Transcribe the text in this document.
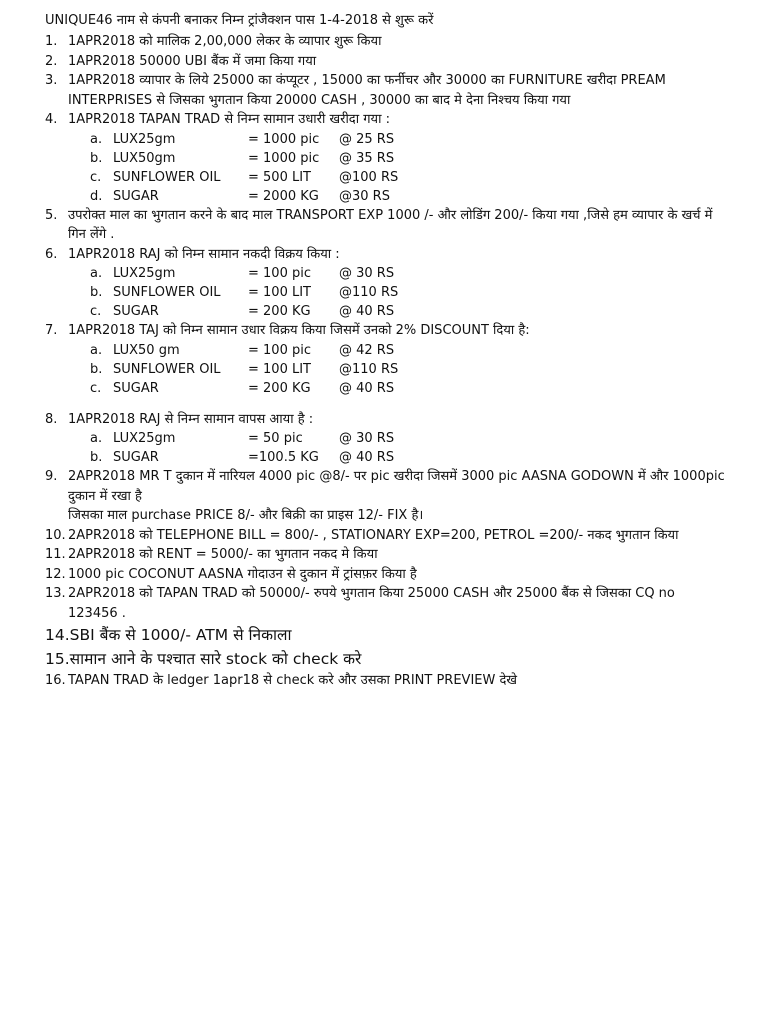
UNIQUE46 नाम से कंपनी बनाकर निम्न ट्रांजैक्शन पास 1-4-2018 से शुरू करें
1. 1APR2018 को मालिक 2,00,000 लेकर के व्यापार शुरू किया
2. 1APR2018 50000 UBI बैंक में जमा किया गया
3. 1APR2018 व्यापार के लिये 25000 का कंप्यूटर , 15000 का फर्नीचर और 30000 का FURNITURE खरीदा PREAM INTERPRISES से जिसका भुगतान किया 20000 CASH , 30000 का बाद मे देना निश्चय किया गया
4. 1APR2018 TAPAN TRAD से निम्न सामान उधारी खरीदा गया :
a. LUX25gm	= 1000 pic @ 25 RS
b. LUX50gm	= 1000 pic @ 35 RS
c. SUNFLOWER OIL = 500 LIT @100 RS
d. SUGAR	= 2000 KG @30 RS
5. उपरोक्त माल का भुगतान करने के बाद माल TRANSPORT EXP 1000 /- और लोडिंग 200/- किया गया ,जिसे हम व्यापार के खर्च में गिन लेंगे .
6. 1APR2018 RAJ को निम्न सामान नकदी विक्रय किया :
a. LUX25gm	= 100 pic @ 30 RS
b. SUNFLOWER OIL = 100 LIT @110 RS
c. SUGAR	= 200 KG @ 40 RS
7. 1APR2018 TAJ को निम्न सामान उधार विक्रय किया जिसमें उनको 2% DISCOUNT दिया है:
a. LUX50 gm	= 100 pic @ 42 RS
b. SUNFLOWER OIL = 100 LIT @110 RS
c. SUGAR	= 200 KG @ 40 RS
8. 1APR2018 RAJ से निम्न सामान वापस आया है :
a. LUX25gm	= 50 pic	@ 30 RS
b. SUGAR	=100.5 KG @ 40 RS
9. 2APR2018 MR T दुकान में नारियल 4000 pic @8/- पर pic खरीदा जिसमें 3000 pic AASNA GODOWN में और 1000pic दुकान में रखा है
जिसका माल purchase PRICE 8/- और बिक्री का प्राइस 12/- FIX है।
10. 2APR2018 को TELEPHONE BILL = 800/- , STATIONARY EXP=200, PETROL =200/- नकद भुगतान किया
11. 2APR2018 को RENT = 5000/- का भुगतान नकद मे किया
12. 1000 pic COCONUT AASNA गोदाउन से दुकान में ट्रांसफ़र किया है
13. 2APR2018 को TAPAN TRAD को 50000/- रुपये भुगतान किया 25000 CASH और 25000 बैंक से जिसका CQ no 123456 .
14.SBI बैंक से 1000/- ATM से निकाला
15.सामान आने के पश्चात सारे stock को check करे
16. TAPAN TRAD के ledger 1apr18 से check करे और उसका PRINT PREVIEW देखे
